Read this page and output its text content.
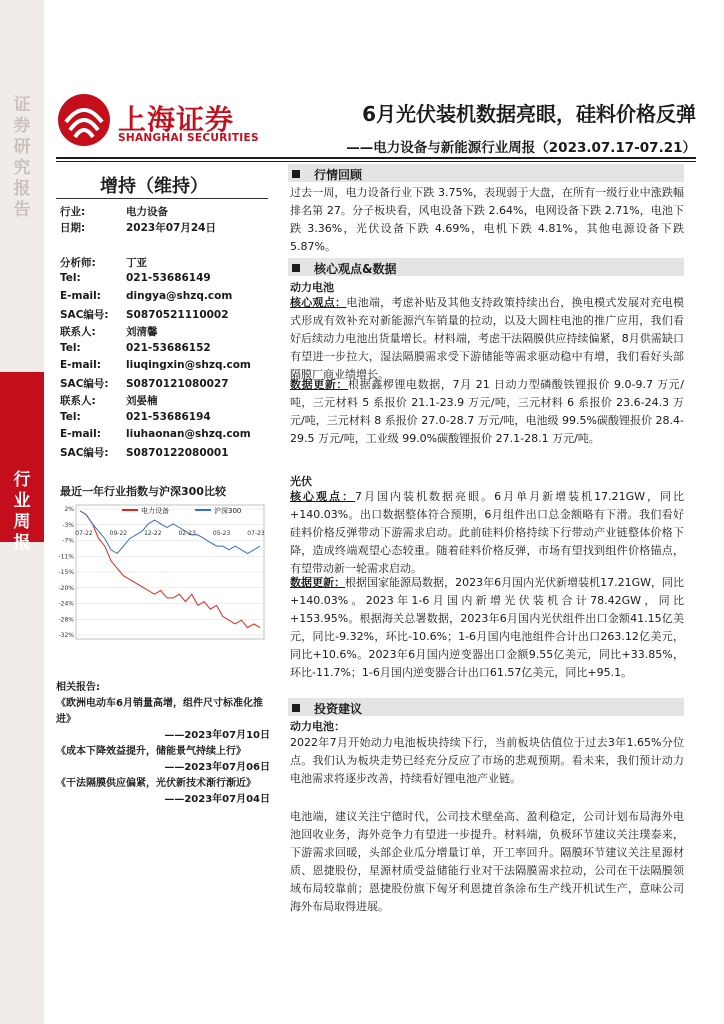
证券研究报告
行业周报
上海证券
SHANGHAI SECURITIES
6月光伏装机数据亮眼，硅料价格反弹
——电力设备与新能源行业周报（2023.07.17-07.21）
增持（维持）
行业:	电力设备
日期:	2023年07月24日
分析师:	丁亚
Tel:	021-53686149
E-mail: dingya@shzq.com
SAC编号: S0870521110002
联系人:	刘清馨
Tel:	021-53686152
E-mail: liuqingxin@shzq.com
SAC编号: S0870121080027
联系人:	刘晏楠
Tel:	021-53686194
E-mail: liuhaonan@shzq.com
SAC编号: S0870122080001
最近一年行业指数与沪深300比较
2%
-3%
-7%
-11%
-15%
-20%
-24%
-28%
-32%
07-22	09-22	12-22	02-23	05-23	07-23
电力设备	沪深300
相关报告:
《欧洲电动车6月销量高增，组件尺寸标准化推进》
——2023年07月10日
《成本下降效益提升，储能景气持续上行》
——2023年07月06日
《干法隔膜供应偏紧，光伏新技术渐行渐近》
——2023年07月04日
行情回顾
过去一周，电力设备行业下跌 3.75%，表现弱于大盘，在所有一级行业中涨跌幅排名第 27。分子板块看，风电设备下跌 2.64%，电网设备下跌 2.71%，电池下跌 3.36%，光伏设备下跌 4.69%，电机下跌 4.81%，其他电源设备下跌 5.87%。
核心观点&数据
动力电池
核心观点：电池端，考虑补贴及其他支持政策持续出台，换电模式发展对充电模式形成有效补充对新能源汽车销量的拉动，以及大圆柱电池的推广应用，我们看好后续动力电池出货量增长。材料端，考虑干法隔膜供应持续偏紧，8月供需缺口有望进一步拉大，湿法隔膜需求受下游储能等需求驱动稳中有增，我们看好头部隔膜厂商业绩增长。
数据更新：根据鑫椤锂电数据，7月 21 日动力型磷酸铁锂报价 9.0-9.7 万元/吨，三元材料 5 系报价 21.1-23.9 万元/吨，三元材料 6 系报价 23.6-24.3 万元/吨，三元材料 8 系报价 27.0-28.7 万元/吨，电池级 99.5%碳酸锂报价 28.4-29.5 万元/吨，工业级 99.0%碳酸锂报价 27.1-28.1 万元/吨。
光伏
核心观点：7月国内装机数据亮眼。6月单月新增装机17.21GW，同比+140.03%。出口数据整体符合预期，6月组件出口总金额略有下滑。我们看好硅料价格反弹带动下游需求启动。此前硅料价格持续下行带动产业链整体价格下降，造成终端观望心态较重。随着硅料价格反弹，市场有望找到组件价格锚点，有望带动新一轮需求启动。
数据更新：根据国家能源局数据，2023年6月国内光伏新增装机17.21GW，同比+140.03%。2023年1-6月国内新增光伏装机合计78.42GW，同比+153.95%。根据海关总署数据，2023年6月国内光伏组件出口金额41.15亿美元，同比-9.32%，环比-10.6%；1-6月国内电池组件合计出口263.12亿美元，同比+10.6%。2023年6月国内逆变器出口金额9.55亿美元，同比+33.85%，环比-11.7%；1-6月国内逆变器合计出口61.57亿美元，同比+95.1。
投资建议
动力电池：
2022年7月开始动力电池板块持续下行，当前板块估值位于过去3年1.65%分位点。我们认为板块走势已经充分反应了市场的悲观预期。看未来，我们预计动力电池需求将逐步改善，持续看好锂电池产业链。
电池端，建议关注宁德时代，公司技术壁垒高、盈利稳定，公司计划布局海外电池回收业务，海外竞争力有望进一步提升。材料端，负极环节建议关注璞泰来，下游需求回暖，头部企业瓜分增量订单，开工率回升。隔膜环节建议关注星源材质、恩捷股份，星源材质受益储能行业对干法隔膜需求拉动，公司在干法隔膜领域布局较靠前；恩捷股份旗下匈牙利恩捷首条涂布生产线开机试生产，意味公司海外布局取得进展。
